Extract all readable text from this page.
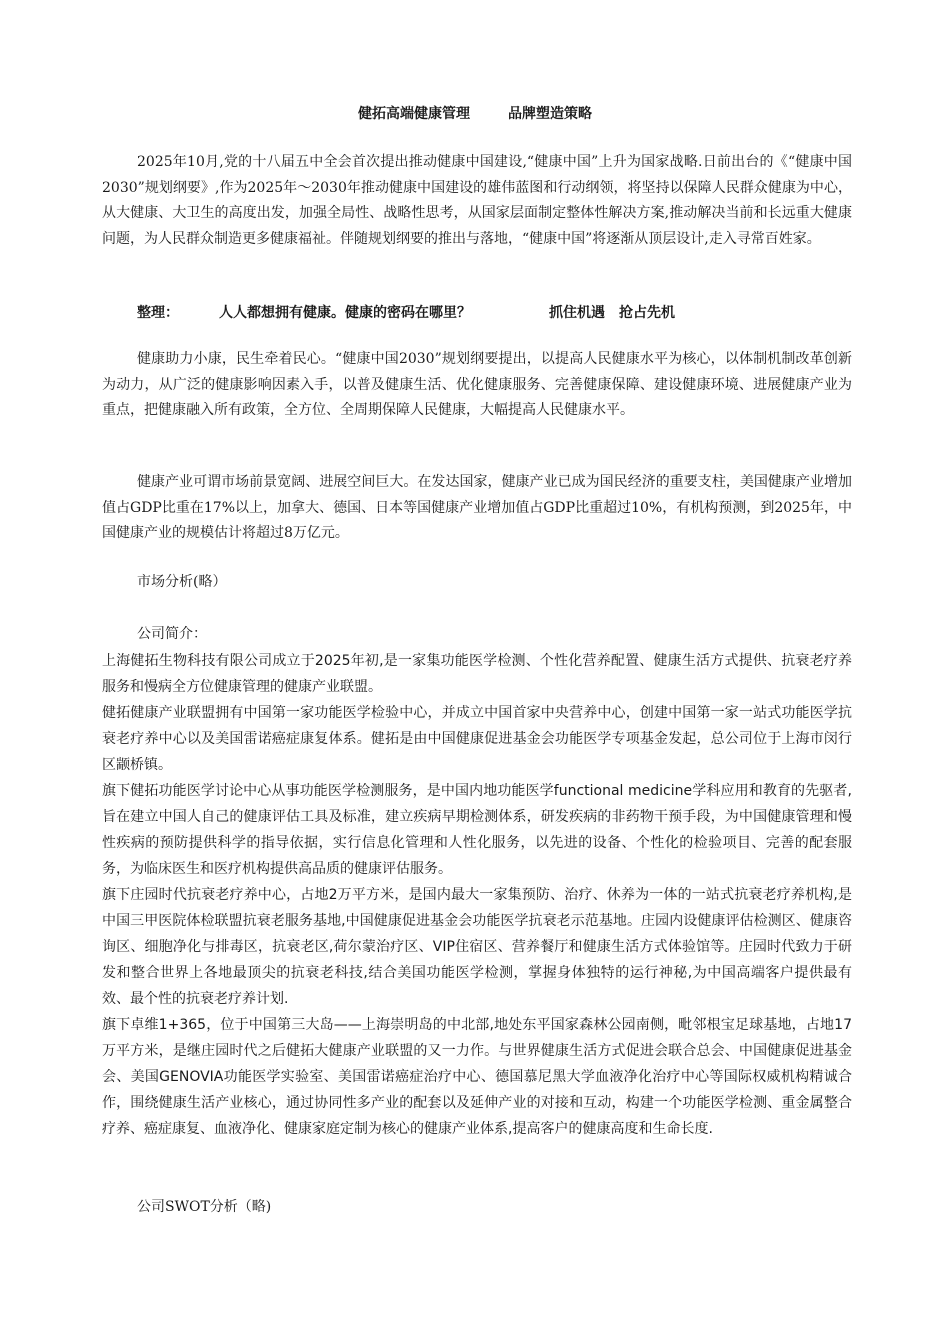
健拓高端健康管理	品牌塑造策略

2025年10月,党的十八届五中全会首次提出推动健康中国建设,“健康中国”上升为国家战略.日前出台的《“健康中国2030”规划纲要》,作为2025年～2030年推动健康中国建设的雄伟蓝图和行动纲领，将坚持以保障人民群众健康为中心，从大健康、大卫生的高度出发，加强全局性、战略性思考，从国家层面制定整体性解决方案,推动解决当前和长远重大健康问题，为人民群众制造更多健康福祉。伴随规划纲要的推出与落地，“健康中国”将逐渐从顶层设计,走入寻常百姓家。

整理：	人人都想拥有健康。健康的密码在哪里？	抓住机遇　抢占先机

健康助力小康，民生牵着民心。“健康中国2030”规划纲要提出，以提高人民健康水平为核心，以体制机制改革创新为动力，从广泛的健康影响因素入手，以普及健康生活、优化健康服务、完善健康保障、建设健康环境、进展健康产业为重点，把健康融入所有政策，全方位、全周期保障人民健康，大幅提高人民健康水平。

健康产业可谓市场前景宽阔、进展空间巨大。在发达国家，健康产业已成为国民经济的重要支柱，美国健康产业增加值占GDP比重在17%以上，加拿大、德国、日本等国健康产业增加值占GDP比重超过10%，有机构预测，到2025年，中国健康产业的规模估计将超过8万亿元。

市场分析(略）
公司简介：

上海健拓生物科技有限公司成立于2025年初,是一家集功能医学检测、个性化营养配置、健康生活方式提供、抗衰老疗养服务和慢病全方位健康管理的健康产业联盟。

健拓健康产业联盟拥有中国第一家功能医学检验中心，并成立中国首家中央营养中心，创建中国第一家一站式功能医学抗衰老疗养中心以及美国雷诺癌症康复体系。健拓是由中国健康促进基金会功能医学专项基金发起，总公司位于上海市闵行区颛桥镇。

旗下健拓功能医学讨论中心从事功能医学检测服务，是中国内地功能医学functional medicine学科应用和教育的先驱者,旨在建立中国人自己的健康评估工具及标准，建立疾病早期检测体系，研发疾病的非药物干预手段，为中国健康管理和慢性疾病的预防提供科学的指导依据，实行信息化管理和人性化服务，以先进的设备、个性化的检验项目、完善的配套服务，为临床医生和医疗机构提供高品质的健康评估服务。

旗下庄园时代抗衰老疗养中心，占地2万平方米，是国内最大一家集预防、治疗、休养为一体的一站式抗衰老疗养机构,是中国三甲医院体检联盟抗衰老服务基地,中国健康促进基金会功能医学抗衰老示范基地。庄园内设健康评估检测区、健康咨询区、细胞净化与排毒区，抗衰老区,荷尔蒙治疗区、VIP住宿区、营养餐厅和健康生活方式体验馆等。庄园时代致力于研发和整合世界上各地最顶尖的抗衰老科技,结合美国功能医学检测，掌握身体独特的运行神秘,为中国高端客户提供最有效、最个性的抗衰老疗养计划.

旗下卓维1+365，位于中国第三大岛——上海崇明岛的中北部,地处东平国家森林公园南侧，毗邻根宝足球基地，占地17万平方米，是继庄园时代之后健拓大健康产业联盟的又一力作。与世界健康生活方式促进会联合总会、中国健康促进基金会、美国GENOVIA功能医学实验室、美国雷诺癌症治疗中心、德国慕尼黑大学血液净化治疗中心等国际权威机构精诚合作，围绕健康生活产业核心，通过协同性多产业的配套以及延伸产业的对接和互动，构建一个功能医学检测、重金属整合疗养、癌症康复、血液净化、健康家庭定制为核心的健康产业体系,提高客户的健康高度和生命长度.

公司SWOT分析（略)
